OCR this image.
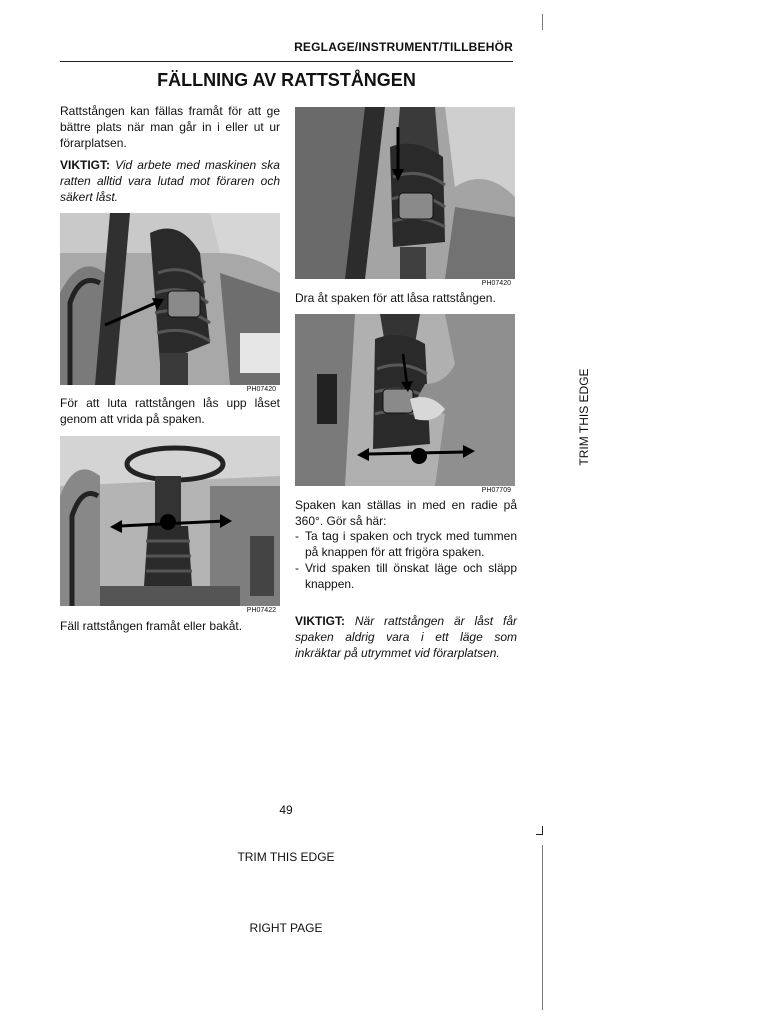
REGLAGE/INSTRUMENT/TILLBEHÖR
FÄLLNING AV RATTSTÅNGEN
Rattstången kan fällas framåt för att ge bättre plats när man går in i eller ut ur förarplatsen.
VIKTIGT: Vid arbete med maskinen ska ratten alltid vara lutad mot föraren och säkert låst.
PH07420
För att luta rattstången lås upp låset genom att vrida på spaken.
PH07422
Fäll rattstången framåt eller bakåt.
PH07420
Dra åt spaken för att låsa rattstången.
PH07709
Spaken kan ställas in med en radie på 360°. Gör så här:
- Ta tag i spaken och tryck med tummen på knappen för att frigöra spaken.
- Vrid spaken till önskat läge och släpp knappen.
VIKTIGT: När rattstången är låst får spaken aldrig vara i ett läge som inkräktar på utrymmet vid förarplatsen.
49
TRIM THIS EDGE
TRIM THIS EDGE
RIGHT PAGE
